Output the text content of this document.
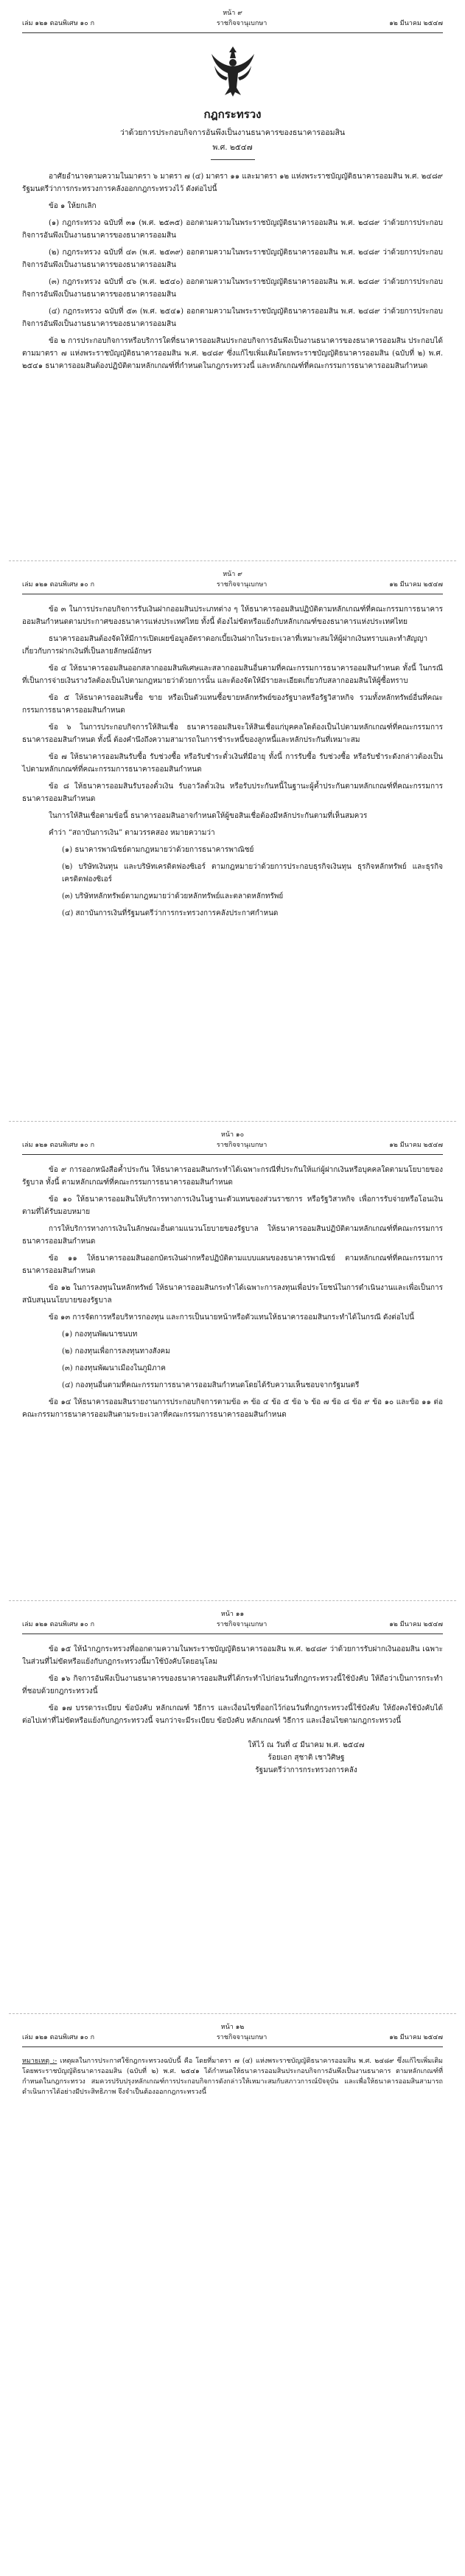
หน้า ๙
เล่ม ๑๒๑ ตอนพิเศษ ๑๐ ก	ราชกิจจานุเบกษา	๑๒ มีนาคม ๒๕๔๗
กฎกระทรวง
ว่าด้วยการประกอบกิจการอันพึงเป็นงานธนาคารของธนาคารออมสิน
พ.ศ. ๒๕๔๗

อาศัยอำนาจตามความในมาตรา ๖ มาตรา ๗ (๔) มาตรา ๑๑ และมาตรา ๑๒ แห่งพระราชบัญญัติธนาคารออมสิน พ.ศ. ๒๔๘๙ รัฐมนตรีว่าการกระทรวงการคลังออกกฎกระทรวงไว้ ดังต่อไปนี้

ข้อ ๑ ให้ยกเลิก

(๑) กฎกระทรวง ฉบับที่ ๓๑ (พ.ศ. ๒๕๓๕) ออกตามความในพระราชบัญญัติธนาคารออมสิน พ.ศ. ๒๔๘๙ ว่าด้วยการประกอบกิจการอันพึงเป็นงานธนาคารของธนาคารออมสิน

(๒) กฎกระทรวง ฉบับที่ ๔๓ (พ.ศ. ๒๕๓๙) ออกตามความในพระราชบัญญัติธนาคารออมสิน พ.ศ. ๒๔๘๙ ว่าด้วยการประกอบกิจการอันพึงเป็นงานธนาคารของธนาคารออมสิน

(๓) กฎกระทรวง ฉบับที่ ๔๖ (พ.ศ. ๒๕๔๐) ออกตามความในพระราชบัญญัติธนาคารออมสิน พ.ศ. ๒๔๘๙ ว่าด้วยการประกอบกิจการอันพึงเป็นงานธนาคารของธนาคารออมสิน

(๔) กฎกระทรวง ฉบับที่ ๕๓ (พ.ศ. ๒๕๔๑) ออกตามความในพระราชบัญญัติธนาคารออมสิน พ.ศ. ๒๔๘๙ ว่าด้วยการประกอบกิจการอันพึงเป็นงานธนาคารของธนาคารออมสิน

ข้อ ๒ การประกอบกิจการหรือบริการใดที่ธนาคารออมสินประกอบกิจการอันพึงเป็นงานธนาคารของธนาคารออมสิน ประกอบได้ตามมาตรา ๗ แห่งพระราชบัญญัติธนาคารออมสิน พ.ศ. ๒๔๘๙ ซึ่งแก้ไขเพิ่มเติมโดยพระราชบัญญัติธนาคารออมสิน (ฉบับที่ ๒) พ.ศ. ๒๕๔๑ ธนาคารออมสินต้องปฏิบัติตามหลักเกณฑ์ที่กำหนดในกฎกระทรวงนี้ และหลักเกณฑ์ที่คณะกรรมการธนาคารออมสินกำหนด

หน้า ๙
เล่ม ๑๒๑ ตอนพิเศษ ๑๐ ก	ราชกิจจานุเบกษา	๑๒ มีนาคม ๒๕๔๗

ข้อ ๓ ในการประกอบกิจการรับเงินฝากออมสินประเภทต่าง ๆ ให้ธนาคารออมสินปฏิบัติตามหลักเกณฑ์ที่คณะกรรมการธนาคารออมสินกำหนดตามประกาศของธนาคารแห่งประเทศไทย ทั้งนี้ ต้องไม่ขัดหรือแย้งกับหลักเกณฑ์ของธนาคารแห่งประเทศไทย

ธนาคารออมสินต้องจัดให้มีการเปิดเผยข้อมูลอัตราดอกเบี้ยเงินฝากในระยะเวลาที่เหมาะสมให้ผู้ฝากเงินทราบและทำสัญญาเกี่ยวกับการฝากเงินที่เป็นลายลักษณ์อักษร

ข้อ ๔ ให้ธนาคารออมสินออกสลากออมสินพิเศษและสลากออมสินอื่นตามที่คณะกรรมการธนาคารออมสินกำหนด ทั้งนี้ ในกรณีที่เป็นการจ่ายเงินรางวัลต้องเป็นไปตามกฎหมายว่าด้วยการนั้น และต้องจัดให้มีรายละเอียดเกี่ยวกับสลากออมสินให้ผู้ซื้อทราบ

ข้อ ๕ ให้ธนาคารออมสินซื้อ ขาย หรือเป็นตัวแทนซื้อขายหลักทรัพย์ของรัฐบาลหรือรัฐวิสาหกิจ รวมทั้งหลักทรัพย์อื่นที่คณะกรรมการธนาคารออมสินกำหนด

ข้อ ๖ ในการประกอบกิจการให้สินเชื่อ ธนาคารออมสินจะให้สินเชื่อแก่บุคคลใดต้องเป็นไปตามหลักเกณฑ์ที่คณะกรรมการธนาคารออมสินกำหนด ทั้งนี้ ต้องคำนึงถึงความสามารถในการชำระหนี้ของลูกหนี้และหลักประกันที่เหมาะสม

ข้อ ๗ ให้ธนาคารออมสินรับซื้อ รับช่วงซื้อ หรือรับชำระตั๋วเงินที่มีอายุ ทั้งนี้ การรับซื้อ รับช่วงซื้อ หรือรับชำระดังกล่าวต้องเป็นไปตามหลักเกณฑ์ที่คณะกรรมการธนาคารออมสินกำหนด

ข้อ ๘ ให้ธนาคารออมสินรับรองตั๋วเงิน รับอาวัลตั๋วเงิน หรือรับประกันหนี้ในฐานะผู้ค้ำประกันตามหลักเกณฑ์ที่คณะกรรมการธนาคารออมสินกำหนด

ในการให้สินเชื่อตามข้อนี้ ธนาคารออมสินอาจกำหนดให้ผู้ขอสินเชื่อต้องมีหลักประกันตามที่เห็นสมควร

คำว่า “สถาบันการเงิน” ตามวรรคสอง หมายความว่า

(๑) ธนาคารพาณิชย์ตามกฎหมายว่าด้วยการธนาคารพาณิชย์

(๒) บริษัทเงินทุน และบริษัทเครดิตฟองซิเอร์ ตามกฎหมายว่าด้วยการประกอบธุรกิจเงินทุน ธุรกิจหลักทรัพย์ และธุรกิจเครดิตฟองซิเอร์

(๓) บริษัทหลักทรัพย์ตามกฎหมายว่าด้วยหลักทรัพย์และตลาดหลักทรัพย์

(๔) สถาบันการเงินที่รัฐมนตรีว่าการกระทรวงการคลังประกาศกำหนด

หน้า ๑๐
เล่ม ๑๒๑ ตอนพิเศษ ๑๐ ก	ราชกิจจานุเบกษา	๑๒ มีนาคม ๒๕๔๗

ข้อ ๙ การออกหนังสือค้ำประกัน ให้ธนาคารออมสินกระทำได้เฉพาะกรณีที่ประกันให้แก่ผู้ฝากเงินหรือบุคคลใดตามนโยบายของรัฐบาล ทั้งนี้ ตามหลักเกณฑ์ที่คณะกรรมการธนาคารออมสินกำหนด

ข้อ ๑๐ ให้ธนาคารออมสินให้บริการทางการเงินในฐานะตัวแทนของส่วนราชการ หรือรัฐวิสาหกิจ เพื่อการรับจ่ายหรือโอนเงินตามที่ได้รับมอบหมาย

การให้บริการทางการเงินในลักษณะอื่นตามแนวนโยบายของรัฐบาล ให้ธนาคารออมสินปฏิบัติตามหลักเกณฑ์ที่คณะกรรมการธนาคารออมสินกำหนด

ข้อ ๑๑ ให้ธนาคารออมสินออกบัตรเงินฝากหรือปฏิบัติตามแบบแผนของธนาคารพาณิชย์ ตามหลักเกณฑ์ที่คณะกรรมการธนาคารออมสินกำหนด

ข้อ ๑๒ ในการลงทุนในหลักทรัพย์ ให้ธนาคารออมสินกระทำได้เฉพาะการลงทุนเพื่อประโยชน์ในการดำเนินงานและเพื่อเป็นการสนับสนุนนโยบายของรัฐบาล

ข้อ ๑๓ การจัดการหรือบริหารกองทุน และการเป็นนายหน้าหรือตัวแทนให้ธนาคารออมสินกระทำได้ในกรณี ดังต่อไปนี้

(๑) กองทุนพัฒนาชนบท

(๒) กองทุนเพื่อการลงทุนทางสังคม

(๓) กองทุนพัฒนาเมืองในภูมิภาค

(๔) กองทุนอื่นตามที่คณะกรรมการธนาคารออมสินกำหนดโดยได้รับความเห็นชอบจากรัฐมนตรี

ข้อ ๑๔ ให้ธนาคารออมสินรายงานการประกอบกิจการตามข้อ ๓ ข้อ ๔ ข้อ ๕ ข้อ ๖ ข้อ ๗ ข้อ ๘ ข้อ ๙ ข้อ ๑๐ และข้อ ๑๑ ต่อคณะกรรมการธนาคารออมสินตามระยะเวลาที่คณะกรรมการธนาคารออมสินกำหนด

หน้า ๑๑
เล่ม ๑๒๑ ตอนพิเศษ ๑๐ ก	ราชกิจจานุเบกษา	๑๒ มีนาคม ๒๕๔๗

ข้อ ๑๕ ให้นำกฎกระทรวงที่ออกตามความในพระราชบัญญัติธนาคารออมสิน พ.ศ. ๒๔๘๙ ว่าด้วยการรับฝากเงินออมสิน เฉพาะในส่วนที่ไม่ขัดหรือแย้งกับกฎกระทรวงนี้มาใช้บังคับโดยอนุโลม

ข้อ ๑๖ กิจการอันพึงเป็นงานธนาคารของธนาคารออมสินที่ได้กระทำไปก่อนวันที่กฎกระทรวงนี้ใช้บังคับ ให้ถือว่าเป็นการกระทำที่ชอบด้วยกฎกระทรวงนี้

ข้อ ๑๗ บรรดาระเบียบ ข้อบังคับ หลักเกณฑ์ วิธีการ และเงื่อนไขที่ออกไว้ก่อนวันที่กฎกระทรวงนี้ใช้บังคับ ให้ยังคงใช้บังคับได้ต่อไปเท่าที่ไม่ขัดหรือแย้งกับกฎกระทรวงนี้ จนกว่าจะมีระเบียบ ข้อบังคับ หลักเกณฑ์ วิธีการ และเงื่อนไขตามกฎกระทรวงนี้

ให้ไว้ ณ วันที่ ๔ มีนาคม พ.ศ. ๒๕๔๗
ร้อยเอก สุชาติ เชาวิศิษฐ
รัฐมนตรีว่าการกระทรวงการคลัง
หน้า ๑๒
เล่ม ๑๒๑ ตอนพิเศษ ๑๐ ก	ราชกิจจานุเบกษา	๑๒ มีนาคม ๒๕๔๗

หมายเหตุ :- เหตุผลในการประกาศใช้กฎกระทรวงฉบับนี้ คือ โดยที่มาตรา ๗ (๔) แห่งพระราชบัญญัติธนาคารออมสิน พ.ศ. ๒๔๘๙ ซึ่งแก้ไขเพิ่มเติมโดยพระราชบัญญัติธนาคารออมสิน (ฉบับที่ ๒) พ.ศ. ๒๕๔๑ ได้กำหนดให้ธนาคารออมสินประกอบกิจการอันพึงเป็นงานธนาคาร ตามหลักเกณฑ์ที่กำหนดในกฎกระทรวง สมควรปรับปรุงหลักเกณฑ์การประกอบกิจการดังกล่าวให้เหมาะสมกับสภาวการณ์ปัจจุบัน และเพื่อให้ธนาคารออมสินสามารถดำเนินการได้อย่างมีประสิทธิภาพ จึงจำเป็นต้องออกกฎกระทรวงนี้
